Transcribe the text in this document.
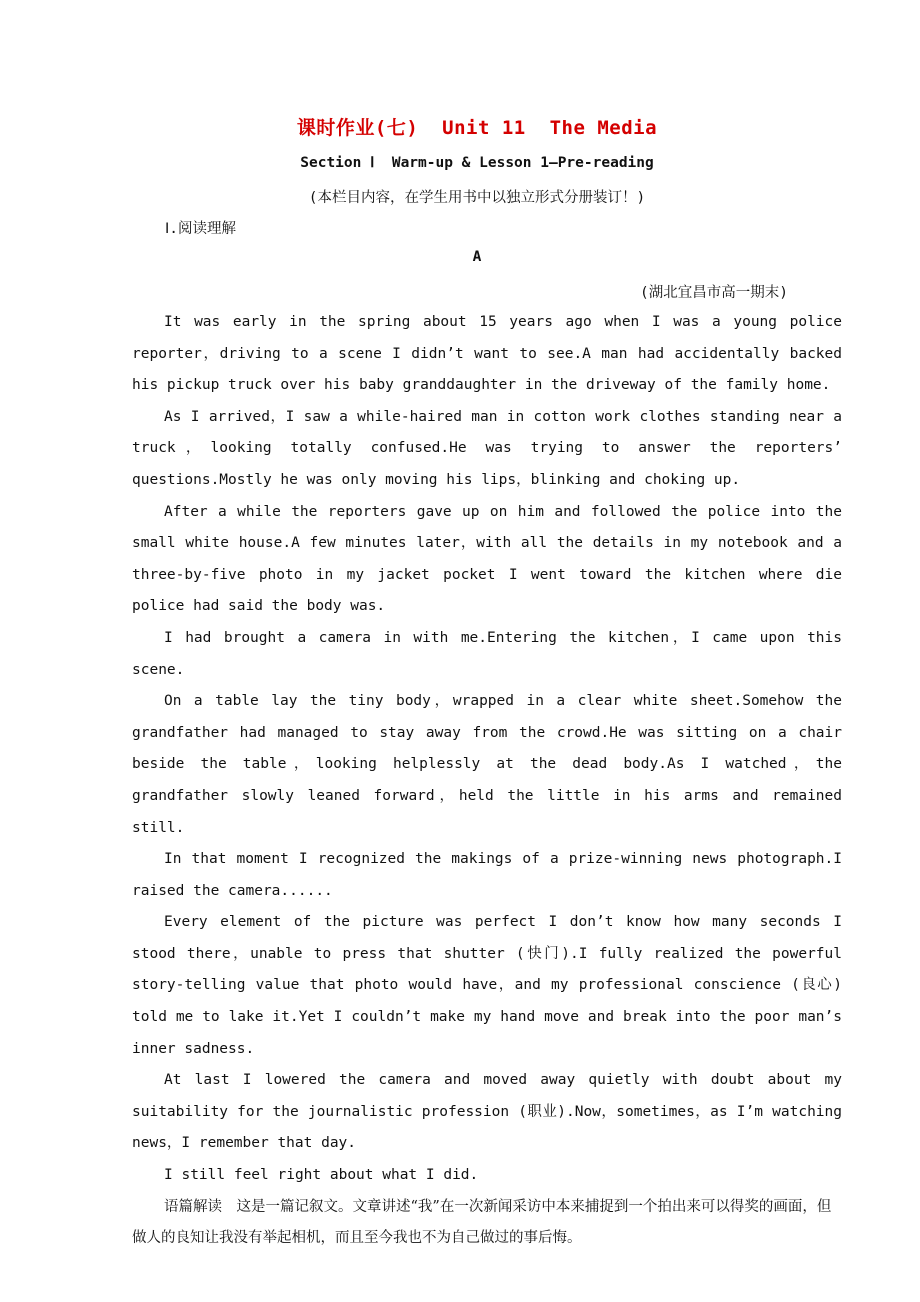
课时作业(七)  Unit 11  The Media
Section Ⅰ  Warm-up & Lesson 1—Pre-reading
(本栏目内容，在学生用书中以独立形式分册装订！)
Ⅰ.阅读理解
A
(湖北宜昌市高一期末)

It was early in the spring about 15 years ago when I was a young police reporter，driving to a scene I didn’t want to see.A man had accidentally backed his pickup truck over his baby granddaughter in the driveway of the family home.

As I arrived，I saw a while-haired man in cotton work clothes standing near a truck，looking totally confused.He was trying to answer the reporters’ questions.Mostly he was only moving his lips，blinking and choking up.

After a while the reporters gave up on him and followed the police into the small white house.A few minutes later，with all the details in my notebook and a three-by-five photo in my jacket pocket I went toward the kitchen where die police had said the body was.

I had brought a camera in with me.Entering the kitchen，I came upon this scene.

On a table lay the tiny body，wrapped in a clear white sheet.Somehow the grandfather had managed to stay away from the crowd.He was sitting on a chair beside the table，looking helplessly at the dead body.As I watched，the grandfather slowly leaned forward，held the little in his arms and remained still.

In that moment I recognized the makings of a prize-winning news photograph.I raised the camera......

Every element of the picture was perfect I don’t know how many seconds I stood there，unable to press that shutter (快门).I fully realized the powerful story-telling value that photo would have，and my professional conscience (良心) told me to lake it.Yet I couldn’t make my hand move and break into the poor man’s inner sadness.

At last I lowered the camera and moved away quietly with doubt about my suitability for the journalistic profession (职业).Now，sometimes，as I’m watching news，I remember that day.

I still feel right about what I did.

语篇解读　 这是一篇记叙文。文章讲述“我”在一次新闻采访中本来捕捉到一个拍出来可以得奖的画面，但做人的良知让我没有举起相机，而且至今我也不为自己做过的事后悔。
